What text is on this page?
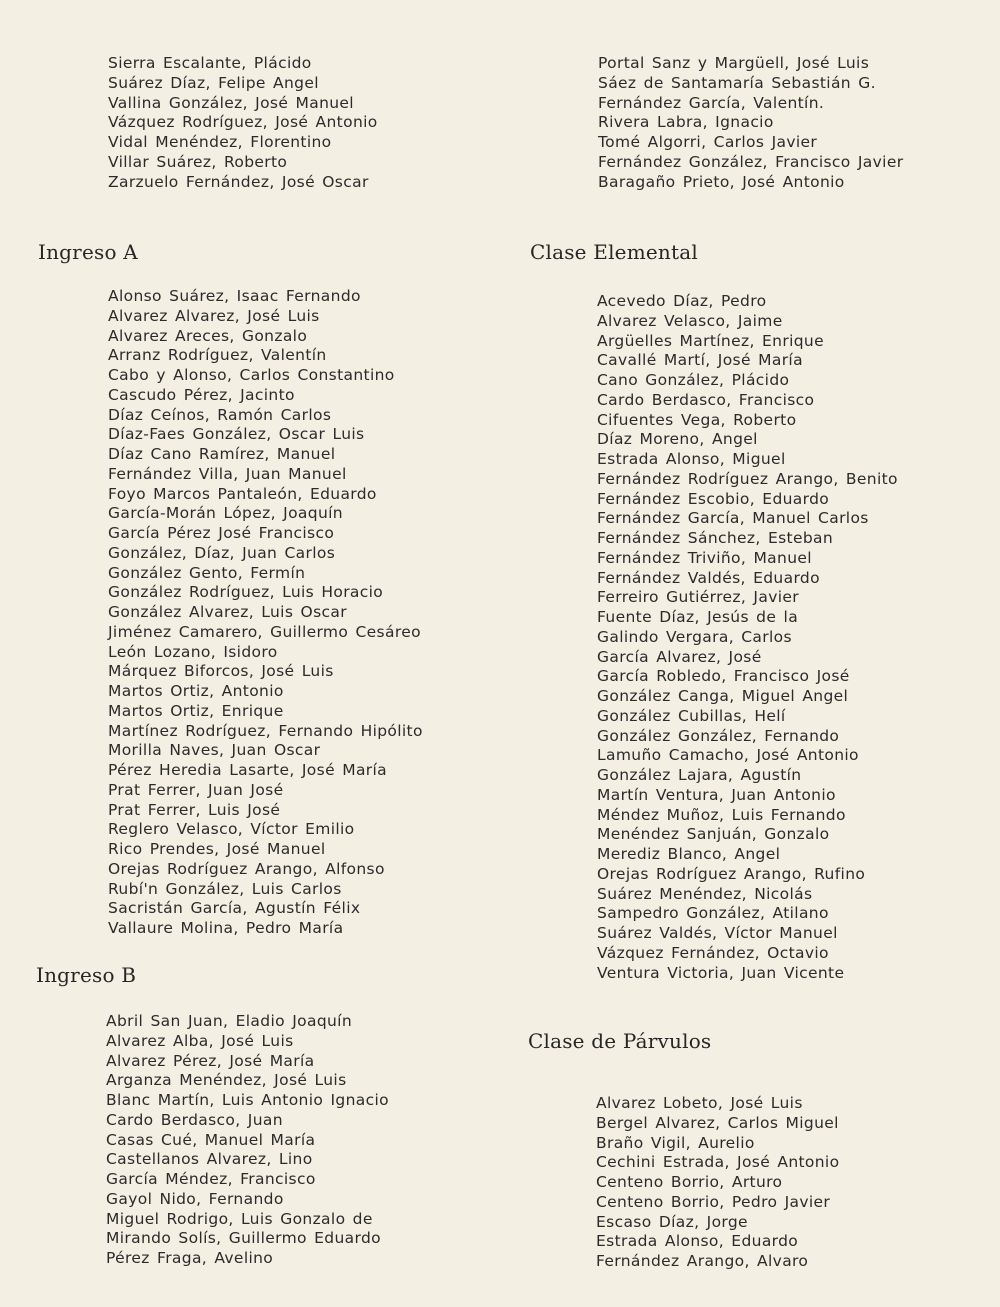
Sierra Escalante, Plácido
Suárez Díaz, Felipe Angel
Vallina González, José Manuel
Vázquez Rodríguez, José Antonio
Vidal Menéndez, Florentino
Villar Suárez, Roberto
Zarzuelo Fernández, José Oscar
Portal Sanz y Margüell, José Luis
Sáez de Santamaría Sebastián G.
Fernández García, Valentín.
Rivera Labra, Ignacio
Tomé Algorri, Carlos Javier
Fernández González, Francisco Javier
Baragaño Prieto, José Antonio
Ingreso A
Alonso Suárez, Isaac Fernando
Alvarez Alvarez, José Luis
Alvarez Areces, Gonzalo
Arranz Rodríguez, Valentín
Cabo y Alonso, Carlos Constantino
Cascudo Pérez, Jacinto
Díaz Ceínos, Ramón Carlos
Díaz-Faes González, Oscar Luis
Díaz Cano Ramírez, Manuel
Fernández Villa, Juan Manuel
Foyo Marcos Pantaleón, Eduardo
García-Morán López, Joaquín
García Pérez José Francisco
González, Díaz, Juan Carlos
González Gento, Fermín
González Rodríguez, Luis Horacio
González Alvarez, Luis Oscar
Jiménez Camarero, Guillermo Cesáreo
León Lozano, Isidoro
Márquez Biforcos, José Luis
Martos Ortiz, Antonio
Martos Ortiz, Enrique
Martínez Rodríguez, Fernando Hipólito
Morilla Naves, Juan Oscar
Pérez Heredia Lasarte, José María
Prat Ferrer, Juan José
Prat Ferrer, Luis José
Reglero Velasco, Víctor Emilio
Rico Prendes, José Manuel
Orejas Rodríguez Arango, Alfonso
Rubí'n González, Luis Carlos
Sacristán García, Agustín Félix
Vallaure Molina, Pedro María
Ingreso B
Abril San Juan, Eladio Joaquín
Alvarez Alba, José Luis
Alvarez Pérez, José María
Arganza Menéndez, José Luis
Blanc Martín, Luis Antonio Ignacio
Cardo Berdasco, Juan
Casas Cué, Manuel María
Castellanos Alvarez, Lino
García Méndez, Francisco
Gayol Nido, Fernando
Miguel Rodrigo, Luis Gonzalo de
Mirando Solís, Guillermo Eduardo
Pérez Fraga, Avelino
Clase Elemental
Acevedo Díaz, Pedro
Alvarez Velasco, Jaime
Argüelles Martínez, Enrique
Cavallé Martí, José María
Cano González, Plácido
Cardo Berdasco, Francisco
Cifuentes Vega, Roberto
Díaz Moreno, Angel
Estrada Alonso, Miguel
Fernández Rodríguez Arango, Benito
Fernández Escobio, Eduardo
Fernández García, Manuel Carlos
Fernández Sánchez, Esteban
Fernández Triviño, Manuel
Fernández Valdés, Eduardo
Ferreiro Gutiérrez, Javier
Fuente Díaz, Jesús de la
Galindo Vergara, Carlos
García Alvarez, José
García Robledo, Francisco José
González Canga, Miguel Angel
González Cubillas, Helí
González González, Fernando
Lamuño Camacho, José Antonio
González Lajara, Agustín
Martín Ventura, Juan Antonio
Méndez Muñoz, Luis Fernando
Menéndez Sanjuán, Gonzalo
Merediz Blanco, Angel
Orejas Rodríguez Arango, Rufino
Suárez Menéndez, Nicolás
Sampedro González, Atilano
Suárez Valdés, Víctor Manuel
Vázquez Fernández, Octavio
Ventura Victoria, Juan Vicente
Clase de Párvulos
Alvarez Lobeto, José Luis
Bergel Alvarez, Carlos Miguel
Braño Vigil, Aurelio
Cechini Estrada, José Antonio
Centeno Borrio, Arturo
Centeno Borrio, Pedro Javier
Escaso Díaz, Jorge
Estrada Alonso, Eduardo
Fernández Arango, Alvaro
